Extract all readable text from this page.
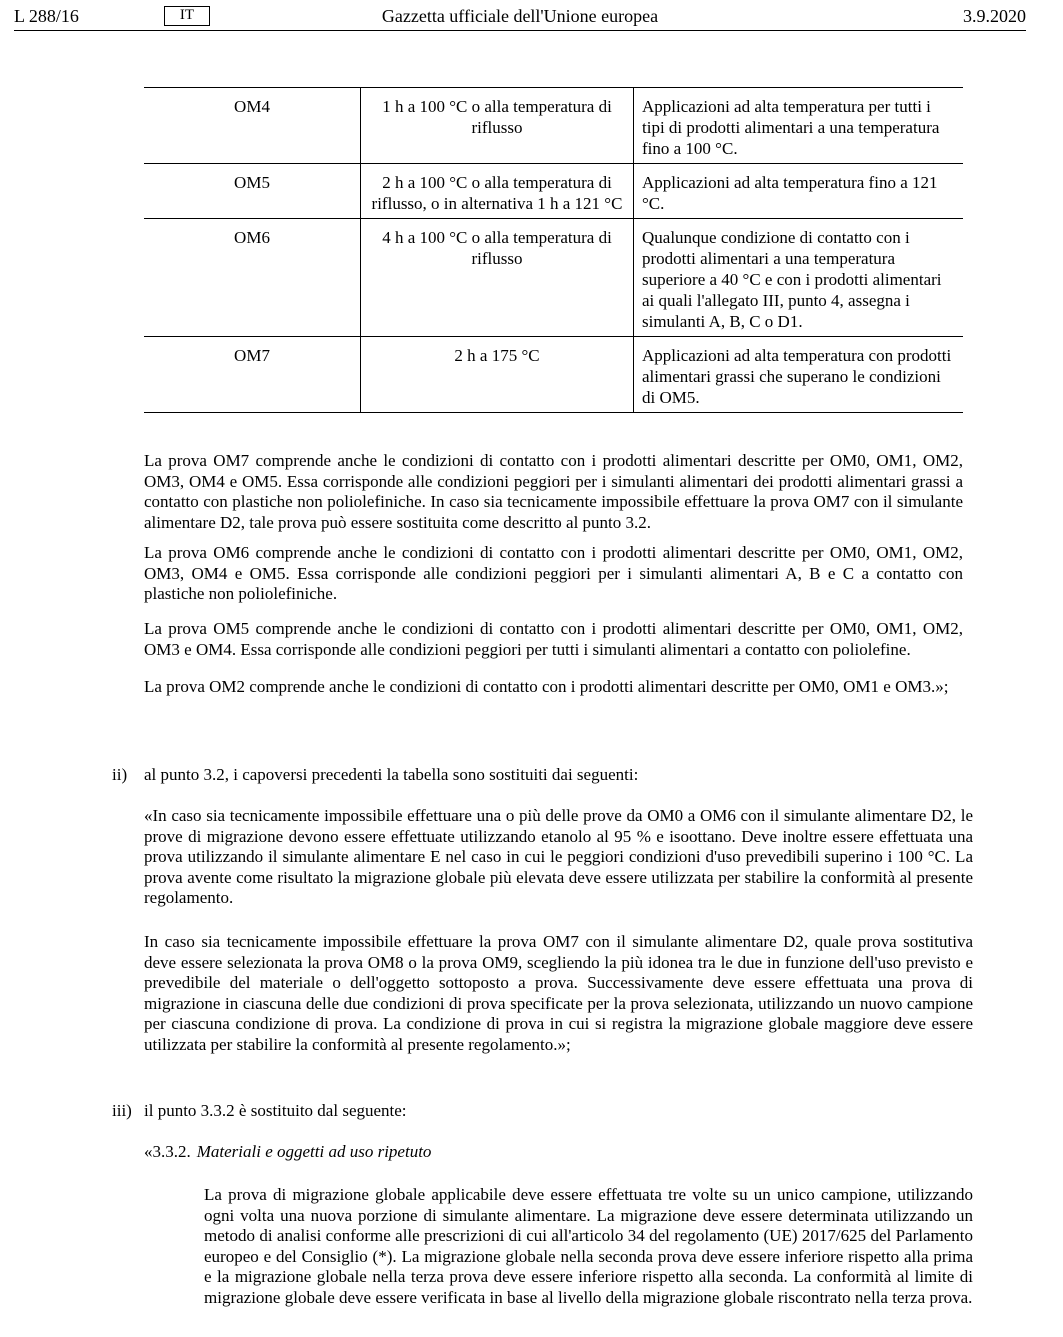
L 288/16	IT	Gazzetta ufficiale dell'Unione europea	3.9.2020
OM4	1 h a 100 °C o alla temperatura di riflusso	Applicazioni ad alta temperatura per tutti i tipi di prodotti alimentari a una temperatura fino a 100 °C.
OM5	2 h a 100 °C o alla temperatura di riflusso, o in alternativa 1 h a 121 °C	Applicazioni ad alta temperatura fino a 121 °C.
OM6	4 h a 100 °C o alla temperatura di riflusso	Qualunque condizione di contatto con i prodotti alimentari a una temperatura superiore a 40 °C e con i prodotti alimentari ai quali l'allegato III, punto 4, assegna i simulanti A, B, C o D1.
OM7	2 h a 175 °C	Applicazioni ad alta temperatura con prodotti alimentari grassi che superano le condizioni di OM5.

La prova OM7 comprende anche le condizioni di contatto con i prodotti alimentari descritte per OM0, OM1, OM2, OM3, OM4 e OM5. Essa corrisponde alle condizioni peggiori per i simulanti alimentari dei prodotti alimentari grassi a contatto con plastiche non poliolefiniche. In caso sia tecnicamente impossibile effettuare la prova OM7 con il simulante alimentare D2, tale prova può essere sostituita come descritto al punto 3.2.

La prova OM6 comprende anche le condizioni di contatto con i prodotti alimentari descritte per OM0, OM1, OM2, OM3, OM4 e OM5. Essa corrisponde alle condizioni peggiori per i simulanti alimentari A, B e C a contatto con plastiche non poliolefiniche.

La prova OM5 comprende anche le condizioni di contatto con i prodotti alimentari descritte per OM0, OM1, OM2, OM3 e OM4. Essa corrisponde alle condizioni peggiori per tutti i simulanti alimentari a contatto con poliolefine.

La prova OM2 comprende anche le condizioni di contatto con i prodotti alimentari descritte per OM0, OM1 e OM3.»;

ii) al punto 3.2, i capoversi precedenti la tabella sono sostituiti dai seguenti:

«In caso sia tecnicamente impossibile effettuare una o più delle prove da OM0 a OM6 con il simulante alimentare D2, le prove di migrazione devono essere effettuate utilizzando etanolo al 95 % e isoottano. Deve inoltre essere effettuata una prova utilizzando il simulante alimentare E nel caso in cui le peggiori condizioni d'uso prevedibili superino i 100 °C. La prova avente come risultato la migrazione globale più elevata deve essere utilizzata per stabilire la conformità al presente regolamento.

In caso sia tecnicamente impossibile effettuare la prova OM7 con il simulante alimentare D2, quale prova sostitutiva deve essere selezionata la prova OM8 o la prova OM9, scegliendo la più idonea tra le due in funzione dell'uso previsto e prevedibile del materiale o dell'oggetto sottoposto a prova. Successivamente deve essere effettuata una prova di migrazione in ciascuna delle due condizioni di prova specificate per la prova selezionata, utilizzando un nuovo campione per ciascuna condizione di prova. La condizione di prova in cui si registra la migrazione globale maggiore deve essere utilizzata per stabilire la conformità al presente regolamento.»;

iii) il punto 3.3.2 è sostituito dal seguente:
«3.3.2. Materiali e oggetti ad uso ripetuto

La prova di migrazione globale applicabile deve essere effettuata tre volte su un unico campione, utilizzando ogni volta una nuova porzione di simulante alimentare. La migrazione deve essere determinata utilizzando un metodo di analisi conforme alle prescrizioni di cui all'articolo 34 del regolamento (UE) 2017/625 del Parlamento europeo e del Consiglio (*). La migrazione globale nella seconda prova deve essere inferiore rispetto alla prima e la migrazione globale nella terza prova deve essere inferiore rispetto alla seconda. La conformità al limite di migrazione globale deve essere verificata in base al livello della migrazione globale riscontrato nella terza prova.
